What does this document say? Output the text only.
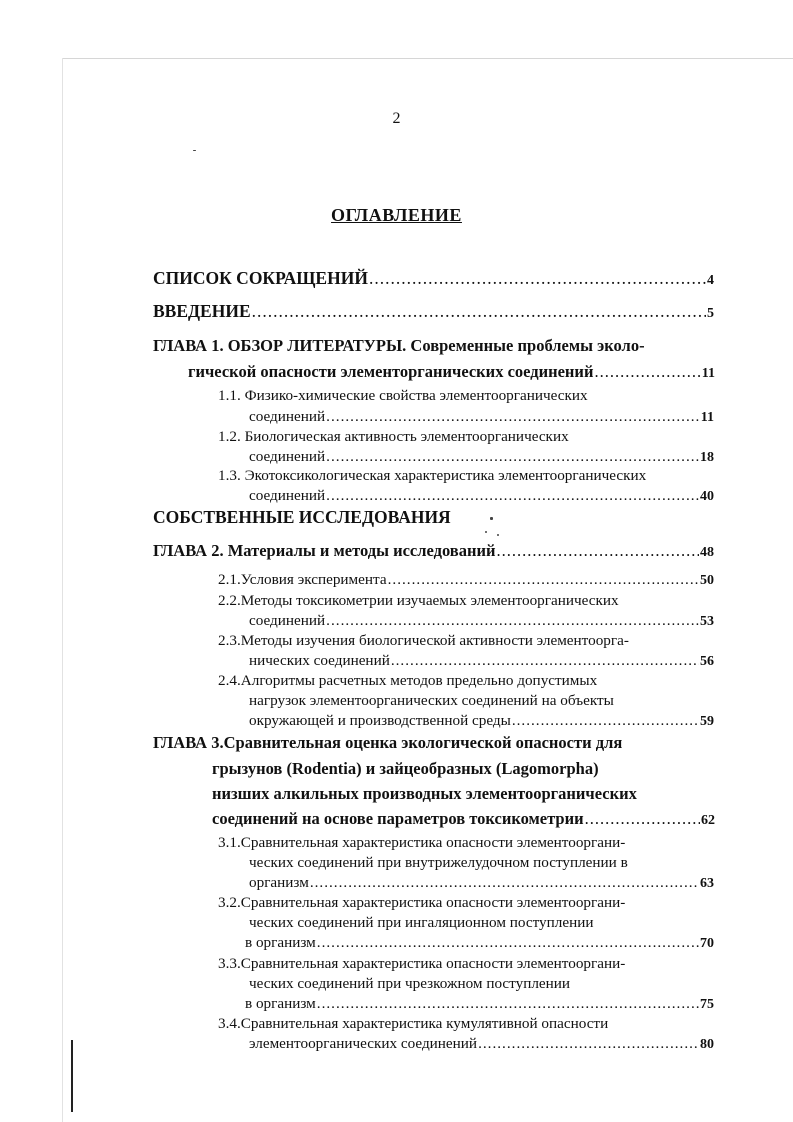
2
ОГЛАВЛЕНИЕ
СПИСОК СОКРАЩЕНИЙ .....	4
ВВЕДЕНИЕ .....	5
ГЛАВА 1. ОБЗОР ЛИТЕРАТУРЫ. Современные проблемы эколо-
гической опасности элементорганических соединений .....	11
1.1. Физико-химические свойства элементоорганических
соединений .....	11
1.2. Биологическая активность элементоорганических
соединений .....	18
1.3. Экотоксикологическая характеристика элементоорганических
соединений .....	40
СОБСТВЕННЫЕ ИССЛЕДОВАНИЯ
ГЛАВА 2. Материалы и методы исследований .....	48
2.1.Условия эксперимента .....	50
2.2.Методы токсикометрии изучаемых элементоорганических
соединений .....	53
2.3.Методы изучения биологической активности элементоорга-
нических соединений .....	56
2.4.Алгоритмы расчетных методов предельно допустимых
нагрузок элементоорганических соединений на объекты
окружающей и производственной среды .....	59
ГЛАВА 3.Сравнительная оценка экологической опасности для
грызунов (Rodentia) и зайцеобразных (Lagomorpha)
низших алкильных производных элементоорганических
соединений на основе параметров токсикометрии .....	62
3.1.Сравнительная характеристика опасности элементооргани-
ческих соединений при внутрижелудочном поступлении в
организм .....	63
3.2.Сравнительная характеристика опасности элементооргани-
ческих соединений при ингаляционном поступлении
в организм .....	70
3.3.Сравнительная характеристика опасности элементооргани-
ческих соединений при чрезкожном поступлении
в организм .....	75
3.4.Сравнительная характеристика кумулятивной опасности
элементоорганических соединений .....	80
